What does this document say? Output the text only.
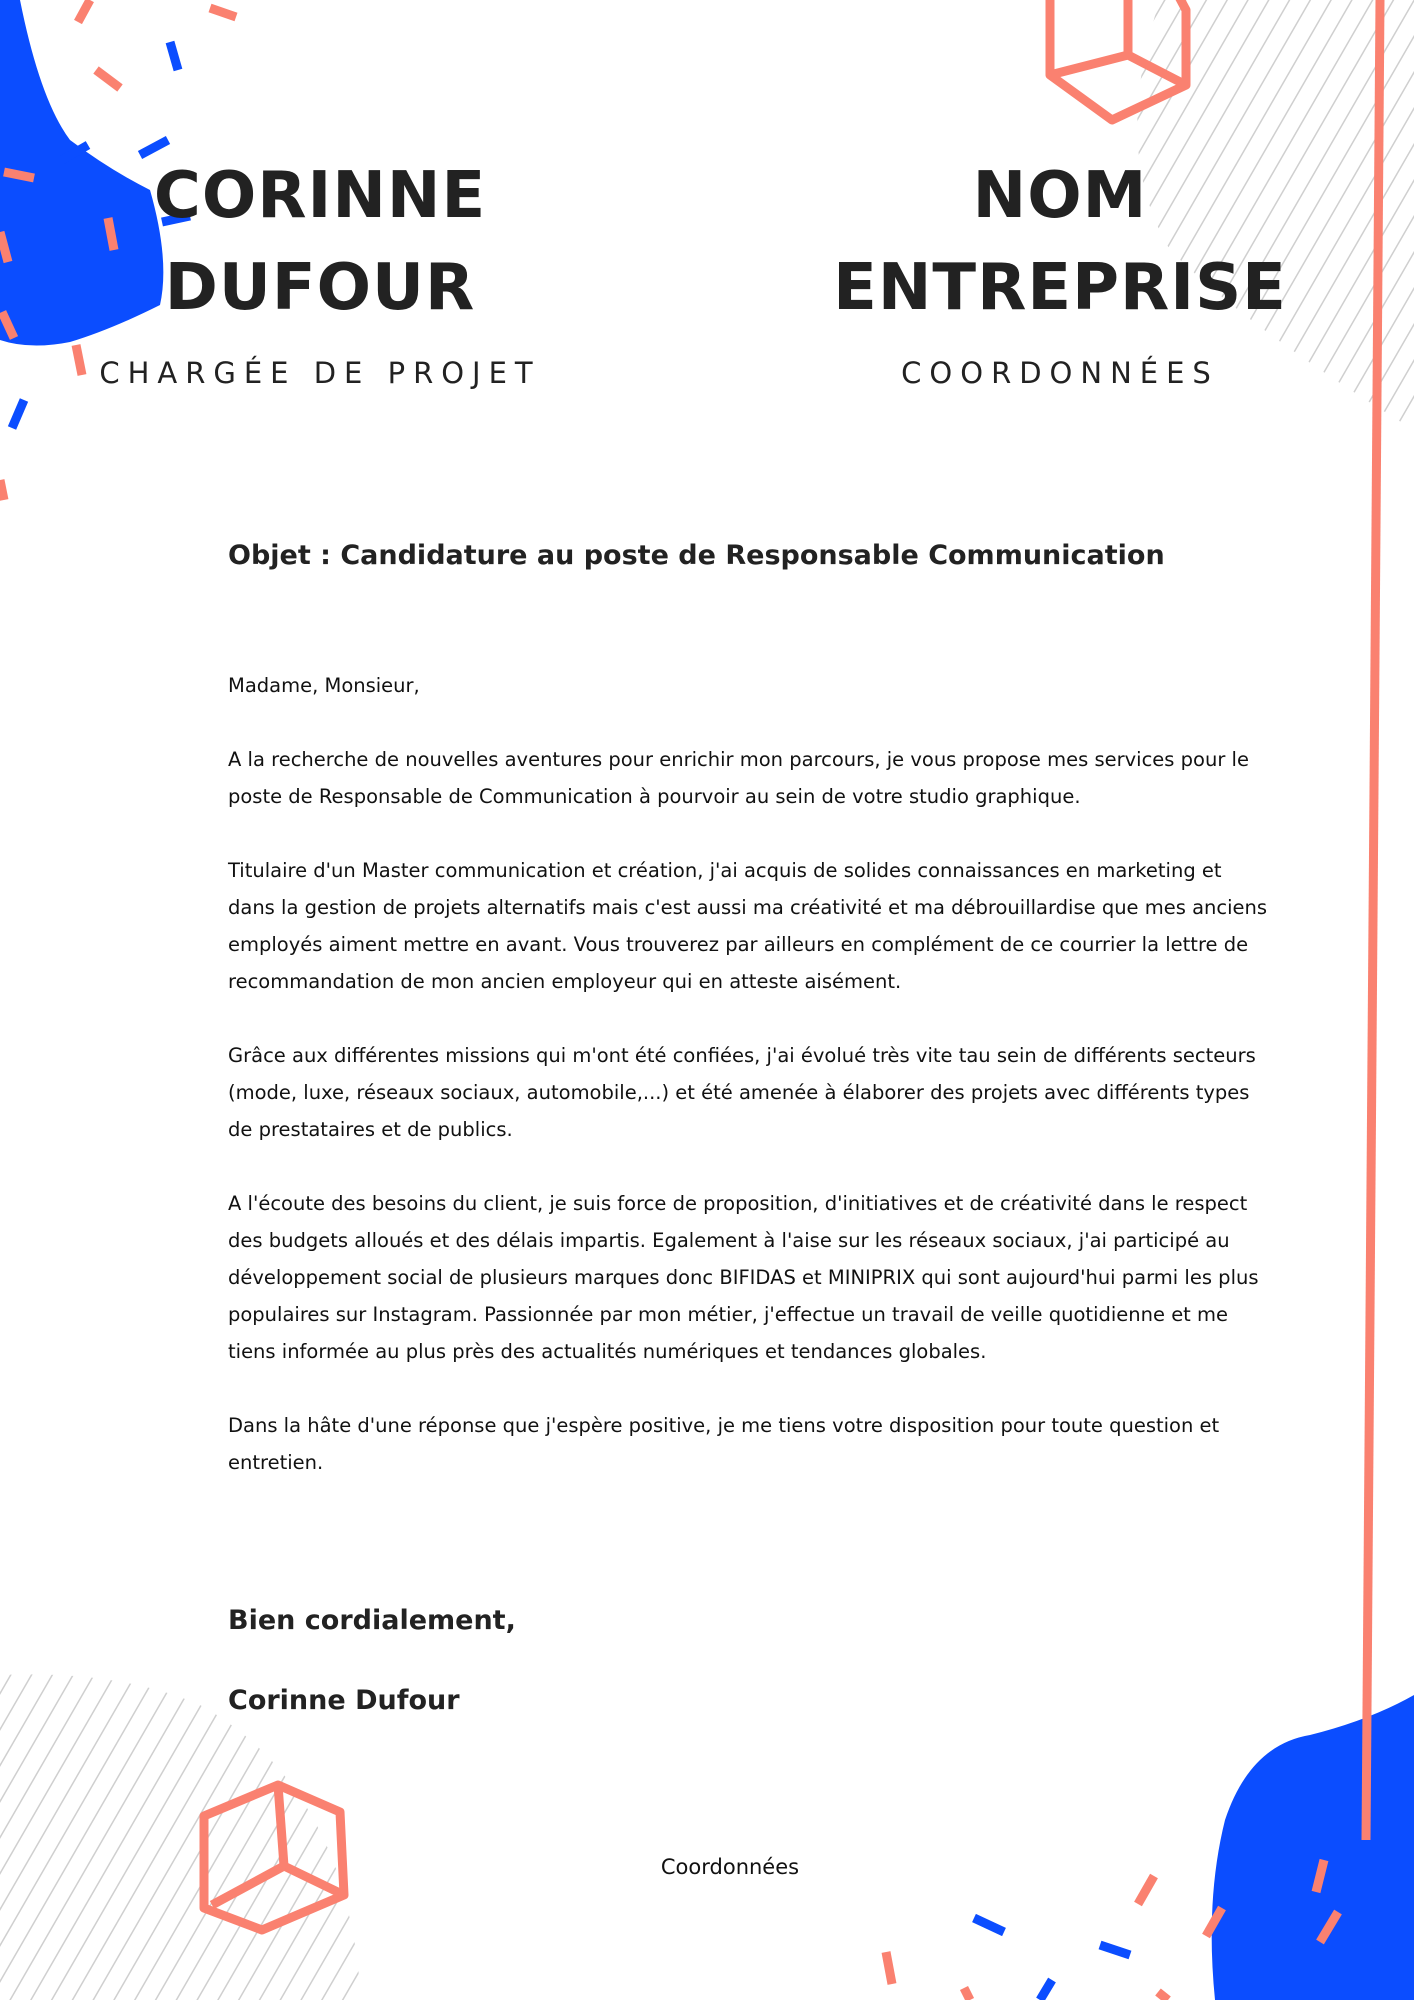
CORINNE
DUFOUR
CHARGÉE DE PROJET
NOM
ENTREPRISE
COORDONNÉES
Objet : Candidature au poste de Responsable Communication

Madame, Monsieur,

A la recherche de nouvelles aventures pour enrichir mon parcours, je vous propose mes services pour le poste de Responsable de Communication à pourvoir au sein de votre studio graphique.

Titulaire d'un Master communication et création, j'ai acquis de solides connaissances en marketing et dans la gestion de projets alternatifs mais c'est aussi ma créativité et ma débrouillardise que mes anciens employés aiment mettre en avant. Vous trouverez par ailleurs en complément de ce courrier la lettre de recommandation de mon ancien employeur qui en atteste aisément.

Grâce aux différentes missions qui m'ont été confiées, j'ai évolué très vite tau sein de différents secteurs (mode, luxe, réseaux sociaux, automobile,...) et été amenée à élaborer des projets avec différents types de prestataires et de publics.

A l'écoute des besoins du client, je suis force de proposition, d'initiatives et de créativité dans le respect des budgets alloués et des délais impartis. Egalement à l'aise sur les réseaux sociaux, j'ai participé au développement social de plusieurs marques donc BIFIDAS et MINIPRIX qui sont aujourd'hui parmi les plus populaires sur Instagram. Passionnée par mon métier, j'effectue un travail de veille quotidienne et me tiens informée au plus près des actualités numériques et tendances globales.

Dans la hâte d'une réponse que j'espère positive, je me tiens votre disposition pour toute question et entretien.

Bien cordialement,
Corinne Dufour
Coordonnées
